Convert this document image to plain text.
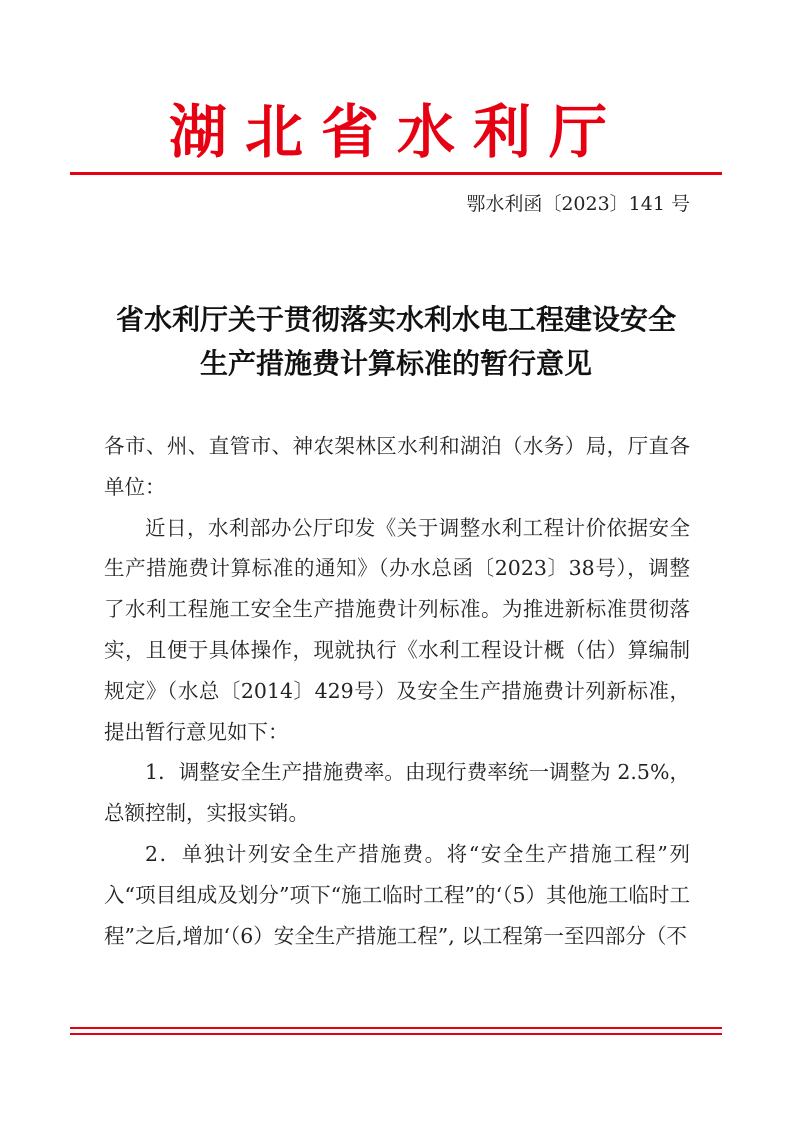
湖北省水利厅
鄂水利函〔2023〕141 号
省水利厅关于贯彻落实水利水电工程建设安全
生产措施费计算标准的暂行意见

各市、州、直管市、神农架林区水利和湖泊（水务）局，厅直各单位：

近日，水利部办公厅印发《关于调整水利工程计价依据安全生产措施费计算标准的通知》（办水总函〔2023〕38号），调整了水利工程施工安全生产措施费计列标准。为推进新标准贯彻落实，且便于具体操作，现就执行《水利工程设计概（估）算编制规定》（水总〔2014〕429号）及安全生产措施费计列新标准，提出暂行意见如下：

1．调整安全生产措施费率。由现行费率统一调整为 2.5%，总额控制，实报实销。

2．单独计列安全生产措施费。将“安全生产措施工程”列入“项目组成及划分”项下“施工临时工程”的‘（5）其他施工临时工程”之后,增加‘（6）安全生产措施工程”, 以工程第一至四部分（不
